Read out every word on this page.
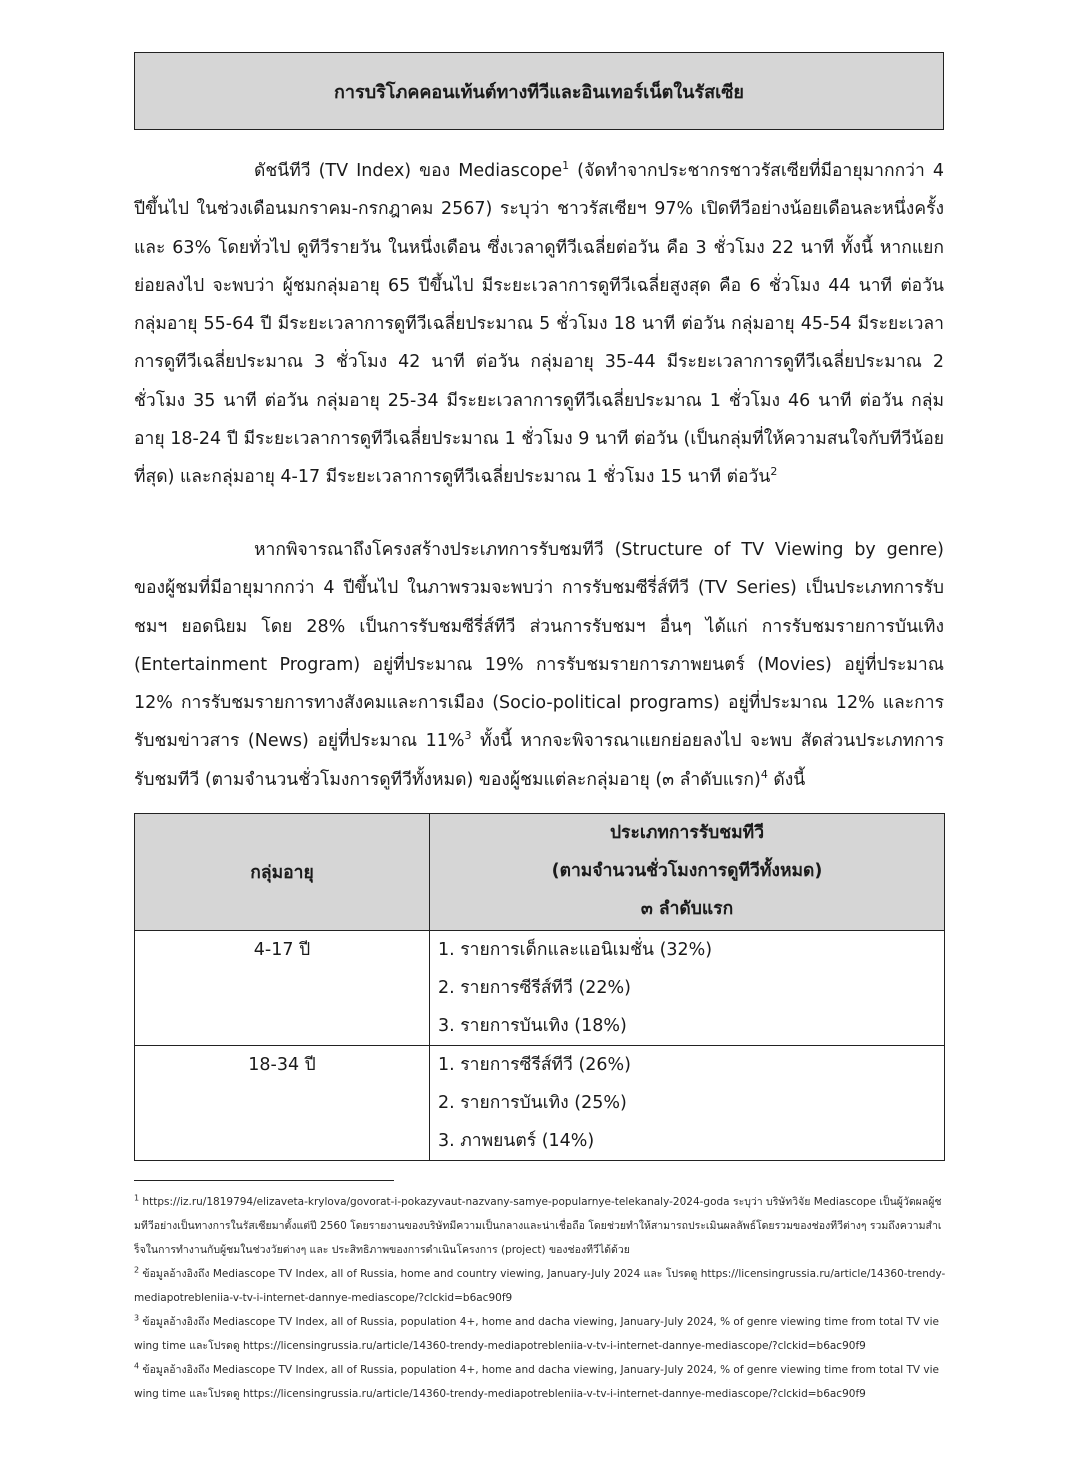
การบริโภคคอนเท้นต์ทางทีวีและอินเทอร์เน็ตในรัสเซีย

ดัชนีทีวี (TV Index) ของ Mediascope$^1$ (จัดทำจากประชากรชาวรัสเซียที่มีอายุมากกว่า 4 ปีขึ้นไป ในช่วงเดือนมกราคม-กรกฎาคม 2567) ระบุว่า ชาวรัสเซียฯ 97% เปิดทีวีอย่างน้อยเดือนละหนึ่งครั้ง และ 63% โดยทั่วไป ดูทีวีรายวัน ในหนึ่งเดือน ซึ่งเวลาดูทีวีเฉลี่ยต่อวัน คือ 3 ชั่วโมง 22 นาที ทั้งนี้ หากแยกย่อยลงไป จะพบว่า ผู้ชมกลุ่มอายุ 65 ปีขึ้นไป มีระยะเวลาการดูทีวีเฉลี่ยสูงสุด คือ 6 ชั่วโมง 44 นาที ต่อวัน กลุ่มอายุ 55-64 ปี มีระยะเวลาการดูทีวีเฉลี่ยประมาณ 5 ชั่วโมง 18 นาที ต่อวัน กลุ่มอายุ 45-54 มีระยะเวลาการดูทีวีเฉลี่ยประมาณ 3 ชั่วโมง 42 นาที ต่อวัน กลุ่มอายุ 35-44 มีระยะเวลาการดูทีวีเฉลี่ยประมาณ 2 ชั่วโมง 35 นาที ต่อวัน กลุ่มอายุ 25-34 มีระยะเวลาการดูทีวีเฉลี่ยประมาณ 1 ชั่วโมง 46 นาที ต่อวัน กลุ่มอายุ 18-24 ปี มีระยะเวลาการดูทีวีเฉลี่ยประมาณ 1 ชั่วโมง 9 นาที ต่อวัน (เป็นกลุ่มที่ให้ความสนใจกับทีวีน้อยที่สุด) และกลุ่มอายุ 4-17 มีระยะเวลาการดูทีวีเฉลี่ยประมาณ 1 ชั่วโมง 15 นาที ต่อวัน$^2$

หากพิจารณาถึงโครงสร้างประเภทการรับชมทีวี (Structure of TV Viewing by genre) ของผู้ชมที่มีอายุมากกว่า 4 ปีขึ้นไป ในภาพรวมจะพบว่า การรับชมซีรี่ส์ทีวี (TV Series) เป็นประเภทการรับชมฯ ยอดนิยม โดย 28% เป็นการรับชมซีรี่ส์ทีวี ส่วนการรับชมฯ อื่นๆ ได้แก่ การรับชมรายการบันเทิง (Entertainment Program) อยู่ที่ประมาณ 19% การรับชมรายการภาพยนตร์ (Movies) อยู่ที่ประมาณ 12% การรับชมรายการทางสังคมและการเมือง (Socio-political programs) อยู่ที่ประมาณ 12% และการรับชมข่าวสาร (News) อยู่ที่ประมาณ 11%$^3$ ทั้งนี้ หากจะพิจารณาแยกย่อยลงไป จะพบ สัดส่วนประเภทการรับชมทีวี (ตามจำนวนชั่วโมงการดูทีวีทั้งหมด) ของผู้ชมแต่ละกลุ่มอายุ (๓ ลำดับแรก)$^4$ ดังนี้

กลุ่มอายุ	ประเภทการรับชมทีวี
(ตามจำนวนชั่วโมงการดูทีวีทั้งหมด)
๓ ลำดับแรก

4-17 ปี	1. รายการเด็กและแอนิเมชั่น (32%)
2. รายการซีรีส์ทีวี (22%)
3. รายการบันเทิง (18%)

18-34 ปี	1. รายการซีรีส์ทีวี (26%)
2. รายการบันเทิง (25%)
3. ภาพยนตร์ (14%)

$^1$ https://iz.ru/1819794/elizaveta-krylova/govorat-i-pokazyvaut-nazvany-samye-popularnye-telekanaly-2024-goda ระบุว่า บริษัทวิจัย Mediascope เป็นผู้วัดผลผู้ชมทีวีอย่างเป็นทางการในรัสเซียมาตั้งแต่ปี 2560 โดยรายงานของบริษัทมีความเป็นกลางและน่าเชื่อถือ โดยช่วยทำให้สามารถประเมินผลลัพธ์โดยรวมของช่องทีวีต่างๆ รวมถึงความสำเร็จในการทำงานกับผู้ชมในช่วงวัยต่างๆ และ ประสิทธิภาพของการดำเนินโครงการ (project) ของช่องทีวีได้ด้วย

$^2$ ข้อมูลอ้างอิงถึง Mediascope TV Index, all of Russia, home and country viewing, January-July 2024 และ โปรดดู https://licensingrussia.ru/article/14360-trendy-mediapotrebleniia-v-tv-i-internet-dannye-mediascope/?clckid=b6ac90f9

$^3$ ข้อมูลอ้างอิงถึง Mediascope TV Index, all of Russia, population 4+, home and dacha viewing, January-July 2024, % of genre viewing time from total TV viewing time และโปรดดู https://licensingrussia.ru/article/14360-trendy-mediapotrebleniia-v-tv-i-internet-dannye-mediascope/?clckid=b6ac90f9

$^4$ ข้อมูลอ้างอิงถึง Mediascope TV Index, all of Russia, population 4+, home and dacha viewing, January-July 2024, % of genre viewing time from total TV viewing time และโปรดดู https://licensingrussia.ru/article/14360-trendy-mediapotrebleniia-v-tv-i-internet-dannye-mediascope/?clckid=b6ac90f9
